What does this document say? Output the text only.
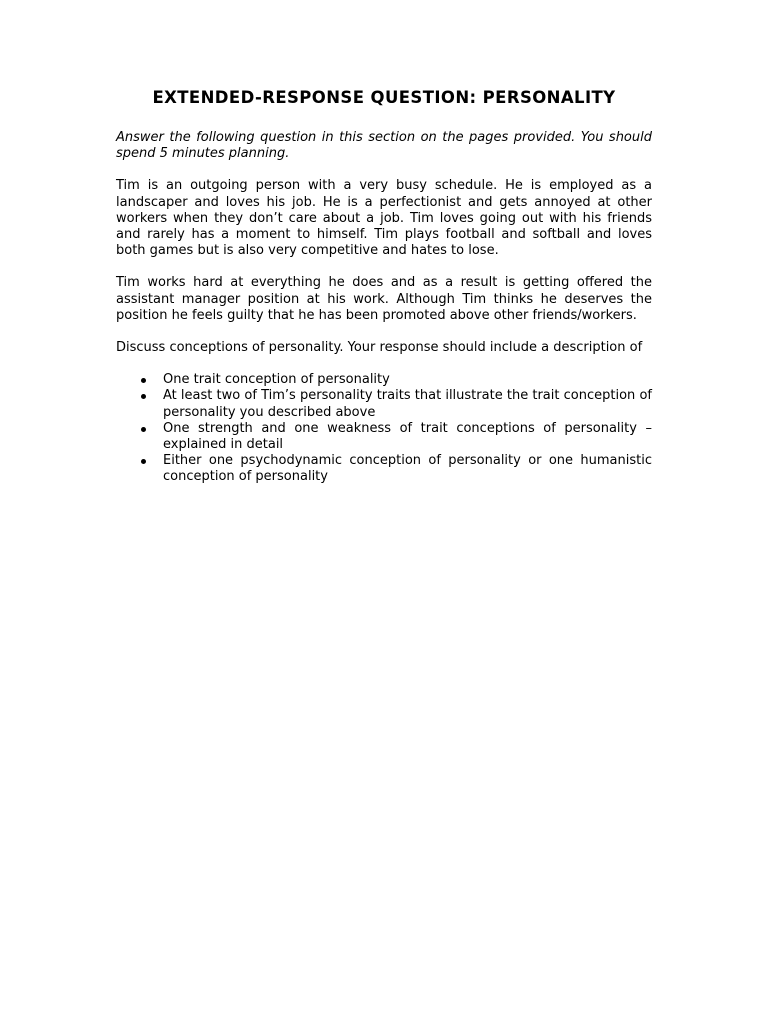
EXTENDED-RESPONSE QUESTION: PERSONALITY

Answer the following question in this section on the pages provided. You should spend 5 minutes planning.

Tim is an outgoing person with a very busy schedule. He is employed as a landscaper and loves his job. He is a perfectionist and gets annoyed at other workers when they don’t care about a job. Tim loves going out with his friends and rarely has a moment to himself. Tim plays football and softball and loves both games but is also very competitive and hates to lose.

Tim works hard at everything he does and as a result is getting offered the assistant manager position at his work. Although Tim thinks he deserves the position he feels guilty that he has been promoted above other friends/workers.

Discuss conceptions of personality. Your response should include a description of

One trait conception of personality
At least two of Tim’s personality traits that illustrate the trait conception of personality you described above
One strength and one weakness of trait conceptions of personality – explained in detail
Either one psychodynamic conception of personality or one humanistic conception of personality
